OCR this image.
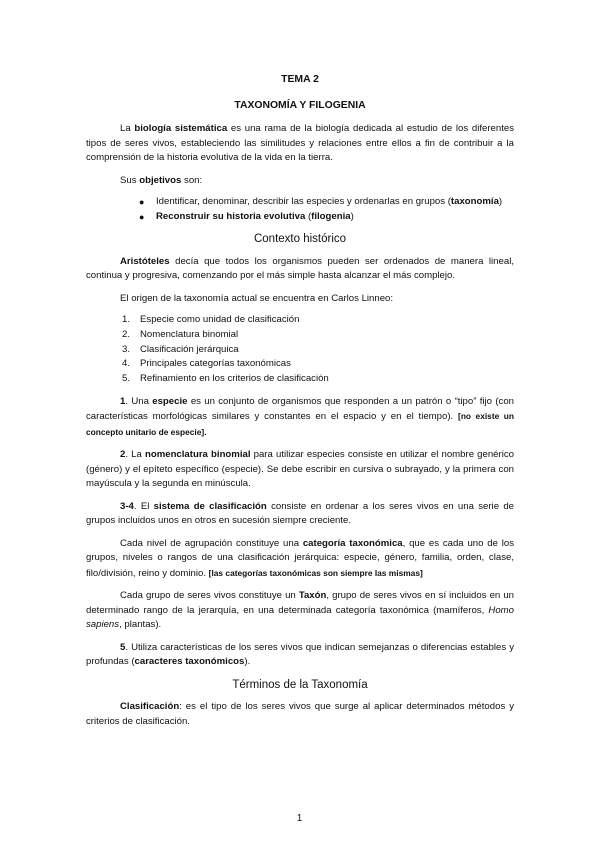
TEMA 2

TAXONOMÍA Y FILOGENIA

La biología sistemática es una rama de la biología dedicada al estudio de los diferentes tipos de seres vivos, estableciendo las similitudes y relaciones entre ellos a fin de contribuir a la comprensión de la historia evolutiva de la vida en la tierra.

Sus objetivos son:

● Identificar, denominar, describir las especies y ordenarlas en grupos (taxonomía)
● Reconstruir su historia evolutiva (filogenia)

Contexto histórico

Aristóteles decía que todos los organismos pueden ser ordenados de manera lineal, continua y progresiva, comenzando por el más simple hasta alcanzar el más complejo.

El origen de la taxonomía actual se encuentra en Carlos Linneo:

1. Especie como unidad de clasificación
2. Nomenclatura binomial
3. Clasificación jerárquica
4. Principales categorías taxonómicas
5. Refinamiento en los criterios de clasificación

1. Una especie es un conjunto de organismos que responden a un patrón o “tipo” fijo (con características morfológicas similares y constantes en el espacio y en el tiempo). [no existe un concepto unitario de especie].

2. La nomenclatura binomial para utilizar especies consiste en utilizar el nombre genérico (género) y el epíteto específico (especie). Se debe escribir en cursiva o subrayado, y la primera con mayúscula y la segunda en minúscula.

3-4. El sistema de clasificación consiste en ordenar a los seres vivos en una serie de grupos incluidos unos en otros en sucesión siempre creciente.

Cada nivel de agrupación constituye una categoría taxonómica, que es cada uno de los grupos, niveles o rangos de una clasificación jerárquica: especie, género, familia, orden, clase, filo/división, reino y dominio. [las categorías taxonómicas son siempre las mismas]

Cada grupo de seres vivos constituye un Taxón, grupo de seres vivos en sí incluidos en un determinado rango de la jerarquía, en una determinada categoría taxonómica (mamíferos, Homo sapiens, plantas).

5. Utiliza características de los seres vivos que indican semejanzas o diferencias estables y profundas (caracteres taxonómicos).

Términos de la Taxonomía

Clasificación: es el tipo de los seres vivos que surge al aplicar determinados métodos y criterios de clasificación.

1
